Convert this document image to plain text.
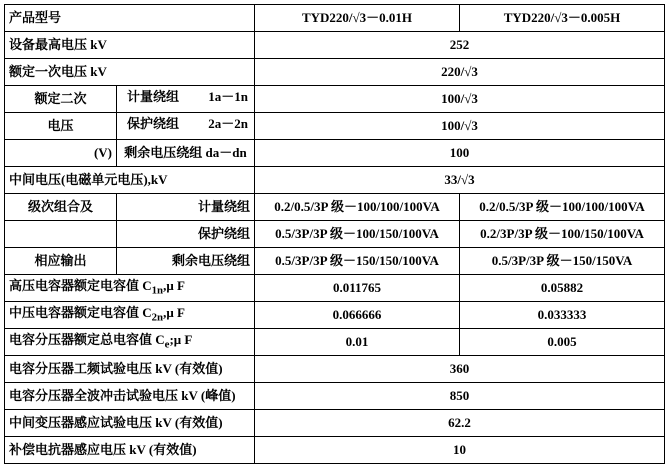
产品型号		TYD220/√3－0.01H	TYD220/√3－0.005H
设备最高电压 kV		252	
额定一次电压 kV		220/√3	
额定二次	计量绕组 1a－1n	100/√3	
电压	保护绕组 2a－2n	100/√3	
(V)	剩余电压绕组 da－dn	100	
中间电压(电磁单元电压),kV		33/√3	
级次组合及	计量绕组	0.2/0.5/3P 级－100/100/100VA	0.2/0.5/3P 级－100/100/100VA
	保护绕组	0.5/3P/3P 级－100/150/100VA	0.2/3P/3P 级－100/150/100VA
相应输出	剩余电压绕组	0.5/3P/3P 级－150/150/100VA	0.5/3P/3P 级－150/150VA
高压电容器额定电容值 $C_{1n},\mu$ F		0.011765	0.05882
中压电容器额定电容值 $C_{2n},\mu$ F		0.066666	0.033333
电容分压器额定总电容值 $C_e;\mu$ F		0.01	0.005
电容分压器工频试验电压 kV (有效值)		360	
电容分压器全波冲击试验电压 kV (峰值)		850	
中间变压器感应试验电压 kV (有效值)		62.2	
补偿电抗器感应电压 kV (有效值)		10	
